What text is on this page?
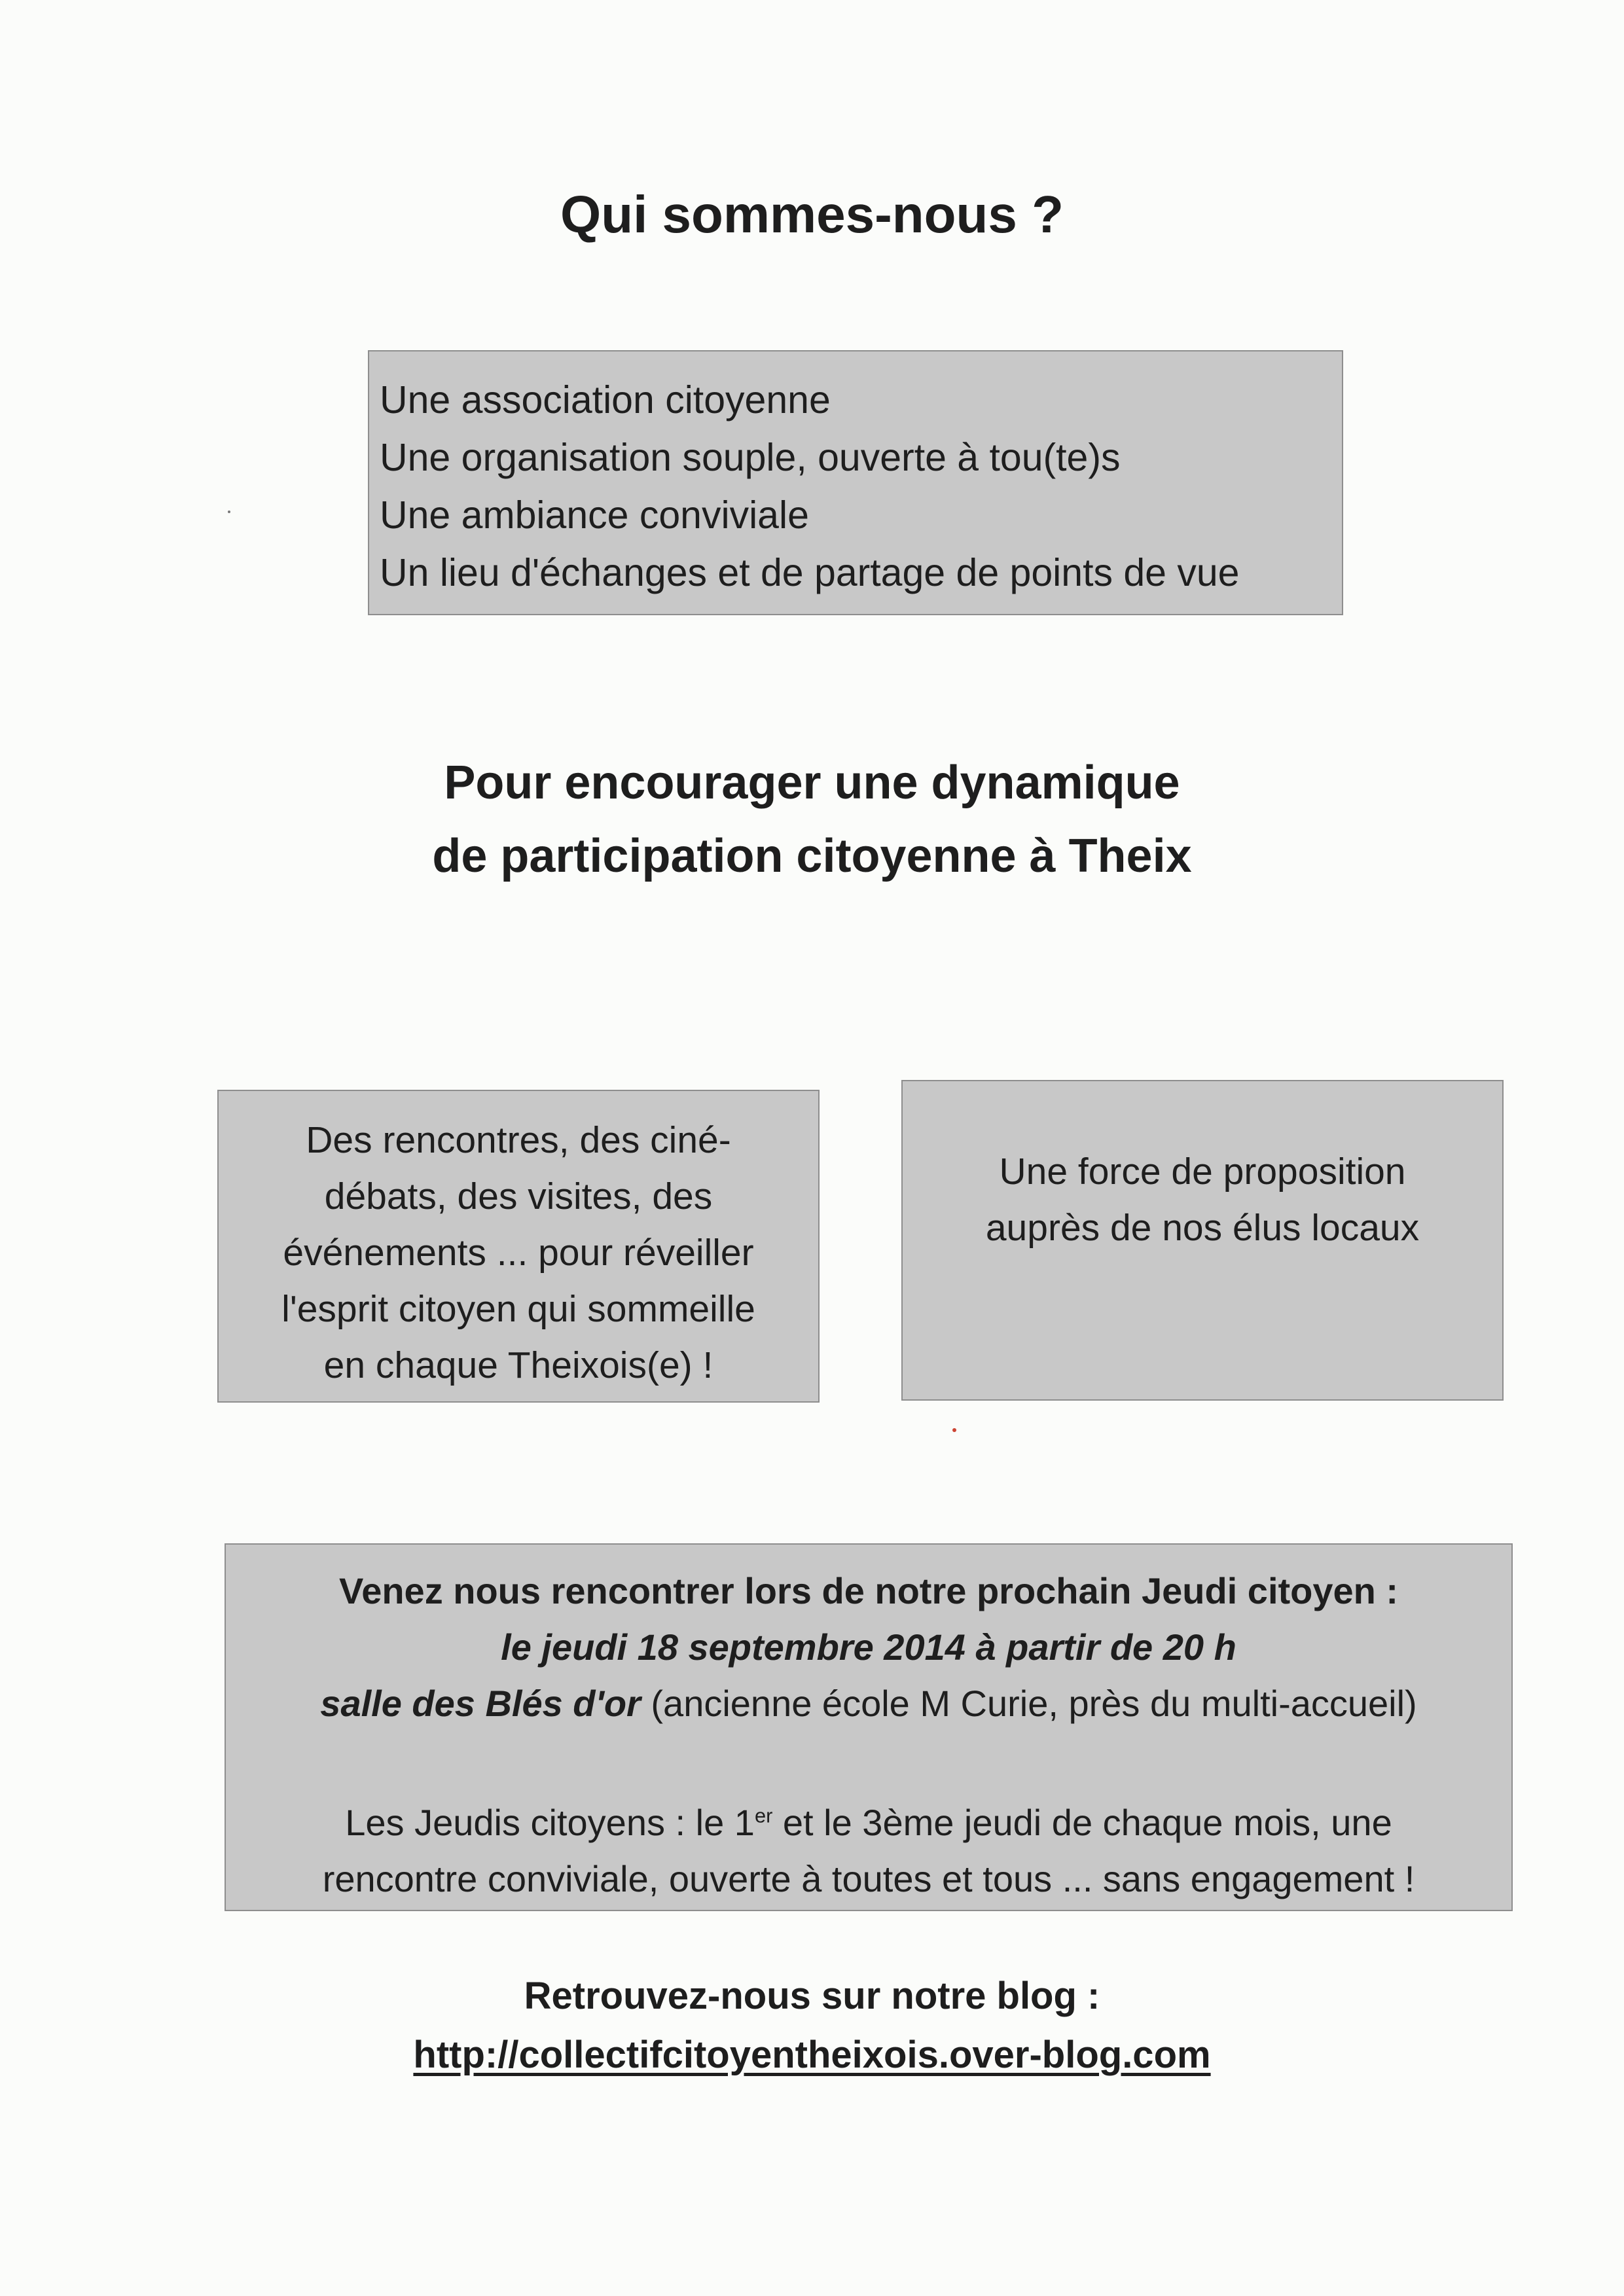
Qui sommes-nous ?
Une association citoyenne
Une organisation souple, ouverte à tou(te)s
Une ambiance conviviale
Un lieu d'échanges et de partage de points de vue
Pour encourager une dynamique
de participation citoyenne à Theix
Des rencontres, des ciné-
débats, des visites, des
événements ... pour réveiller
l'esprit citoyen qui sommeille
en chaque Theixois(e) !
Une force de proposition
auprès de nos élus locaux
Venez nous rencontrer lors de notre prochain Jeudi citoyen :
le jeudi 18 septembre 2014 à partir de 20 h
salle des Blés d'or (ancienne école M Curie, près du multi-accueil)
Les Jeudis citoyens : le 1er et le 3ème jeudi de chaque mois, une
rencontre conviviale, ouverte à toutes et tous ... sans engagement !
Retrouvez-nous sur notre blog :
http://collectifcitoyentheixois.over-blog.com
